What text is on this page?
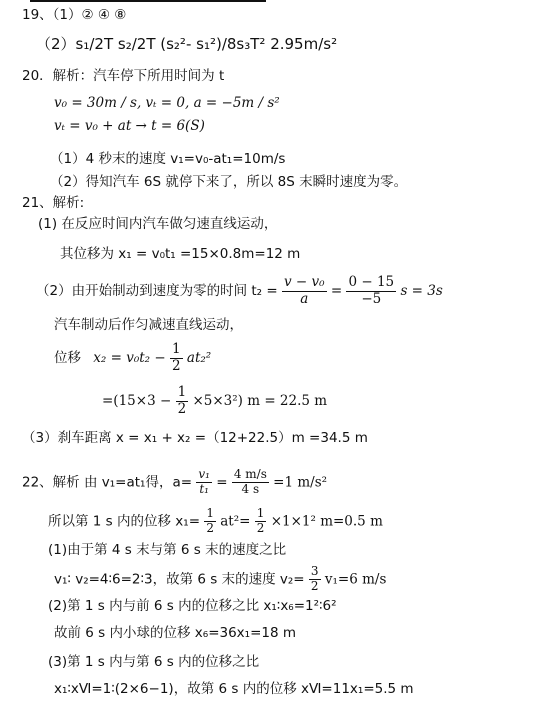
19、（1）② ④ ⑧
（2）s₁/2T s₂/2T (s₂²- s₁²)/8s₃T² 2.95m/s²
20．解析：汽车停下所用时间为 t
v₀ = 30m / s, vₜ = 0, a = −5m / s²
vₜ = v₀ + at → t = 6(S)
（1）4 秒末的速度 v₁=v₀-at₁=10m/s
（2）得知汽车 6S 就停下来了，所以 8S 末瞬时速度为零。
21、解析:
(1) 在反应时间内汽车做匀速直线运动，
其位移为 x₁ = v₀t₁ =15×0.8m=12 m
（2）由开始制动到速度为零的时间 $t_2 = \frac{\text{v − v₀}}{a} = \frac{0 - 15}{-5}$ s = 3s
汽车制动后作匀减速直线运动，
位移 $x_2 = v_0t_2 - \frac{1}{2} at_2^2$
$=(15\times 3 - \frac{1}{2} \times 5\times 3^2)$ m = 22.5 m
（3）刹车距离 x = x₁ + x₂ =（12+22.5）m =34.5 m
22、解析 由 v₁=at₁得，$a= \frac{\text{v₁}}{\text{t₁}} = \frac{4 m/s}{4 s} =1$ m/s²
所以第 1 s 内的位移 $x_1= \frac{1}{2} at^2= \frac{1}{2} \times 1\times 1^2$ m=0.5 m
(1)由于第 4 s 末与第 6 s 末的速度之比
v₁∶ v₂=4∶6=2∶3，故第 6 s 末的速度 $v_2= \frac{3}{2} v_1=6$ m/s
(2)第 1 s 内与前 6 s 内的位移之比 x₁∶x₆=1²∶6²
故前 6 s 内小球的位移 x₆=36x₁=18 m
(3)第 1 s 内与第 6 s 内的位移之比
x₁∶xⅥ=1∶(2×6−1)，故第 6 s 内的位移 xⅥ=11x₁=5.5 m
